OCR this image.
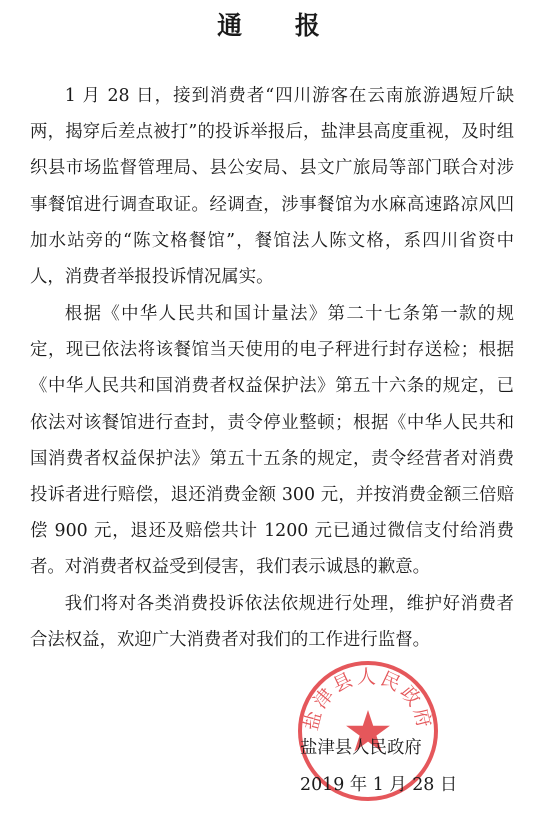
通 报

1 月 28 日，接到消费者“四川游客在云南旅游遇短斤缺两，揭穿后差点被打”的投诉举报后，盐津县高度重视，及时组织县市场监督管理局、县公安局、县文广旅局等部门联合对涉事餐馆进行调查取证。经调查，涉事餐馆为水麻高速路凉风凹加水站旁的“陈文格餐馆”，餐馆法人陈文格，系四川省资中人，消费者举报投诉情况属实。

根据《中华人民共和国计量法》第二十七条第一款的规定，现已依法将该餐馆当天使用的电子秤进行封存送检；根据《中华人民共和国消费者权益保护法》第五十六条的规定，已依法对该餐馆进行查封，责令停业整顿；根据《中华人民共和国消费者权益保护法》第五十五条的规定，责令经营者对消费投诉者进行赔偿，退还消费金额 300 元，并按消费金额三倍赔偿 900 元，退还及赔偿共计 1200 元已通过微信支付给消费者。对消费者权益受到侵害，我们表示诚恳的歉意。

我们将对各类消费投诉依法依规进行处理，维护好消费者合法权益，欢迎广大消费者对我们的工作进行监督。

盐津县人民政府
盐津县人民政府
2019 年 1 月 28 日
